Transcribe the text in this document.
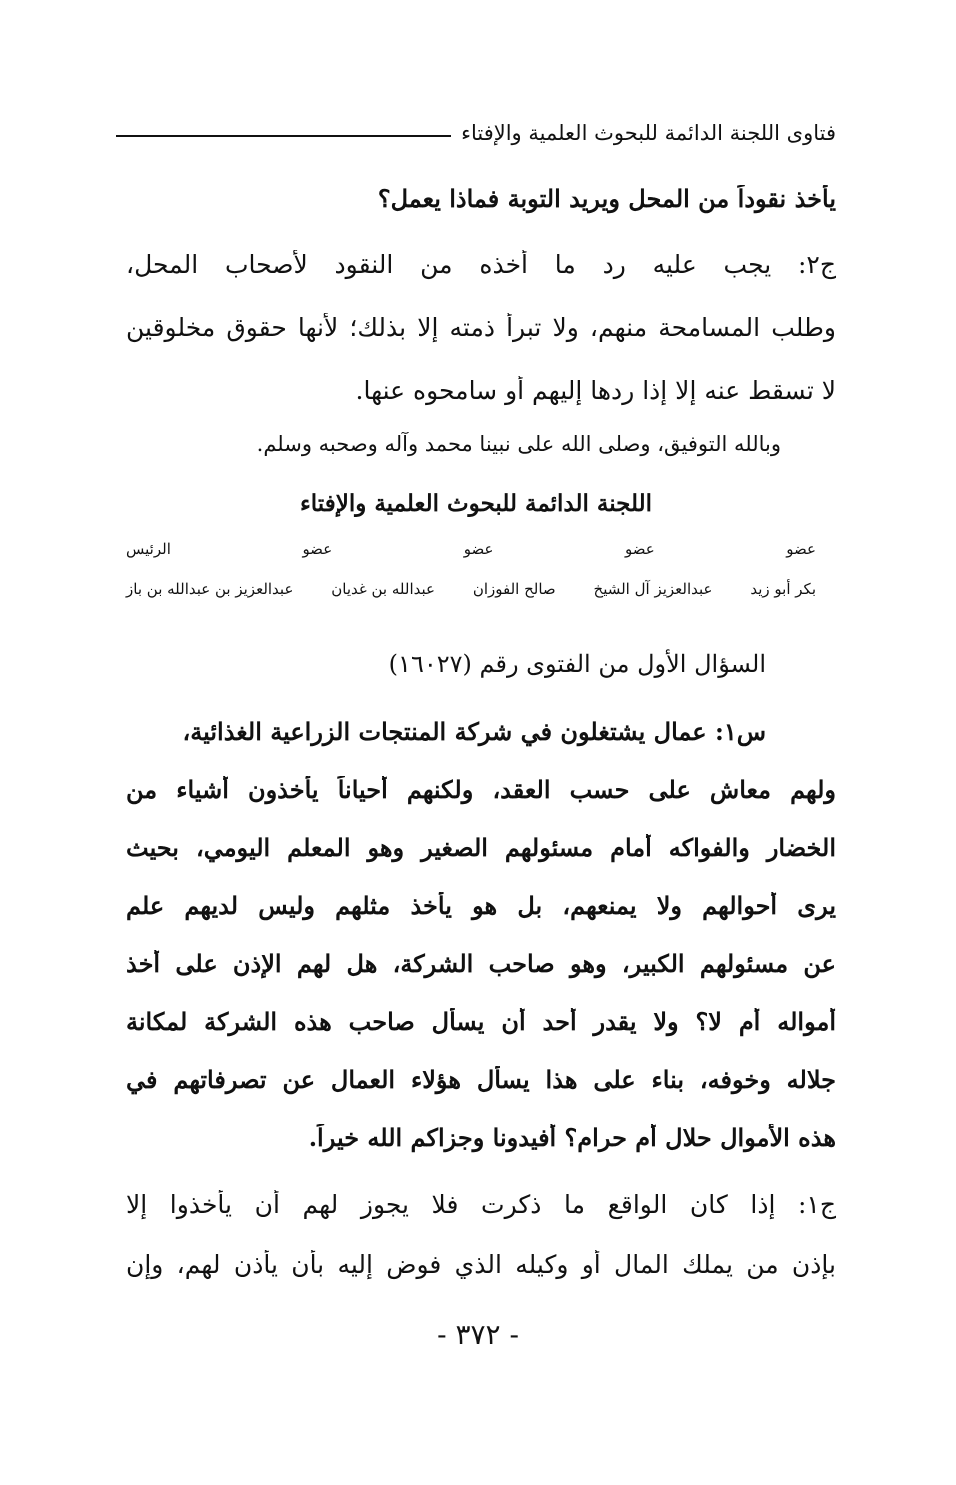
فتاوى اللجنة الدائمة للبحوث العلمية والإفتاء
يأخذ نقوداً من المحل ويريد التوبة فماذا يعمل؟
ج٢: يجب عليه رد ما أخذه من النقود لأصحاب المحل،
وطلب المسامحة منهم، ولا تبرأ ذمته إلا بذلك؛ لأنها حقوق مخلوقين
لا تسقط عنه إلا إذا ردها إليهم أو سامحوه عنها.
وبالله التوفيق، وصلى الله على نبينا محمد وآله وصحبه وسلم.
اللجنة الدائمة للبحوث العلمية والإفتاء
عضو
عضو
عضو
عضو
الرئيس
بكر أبو زيد
عبدالعزيز آل الشيخ
صالح الفوزان
عبدالله بن غديان
عبدالعزيز بن عبدالله بن باز
السؤال الأول من الفتوى رقم (١٦٠٢٧)
س١: عمال يشتغلون في شركة المنتجات الزراعية الغذائية،
ولهم معاش على حسب العقد، ولكنهم أحياناً يأخذون أشياء من
الخضار والفواكه أمام مسئولهم الصغير وهو المعلم اليومي، بحيث
يرى أحوالهم ولا يمنعهم، بل هو يأخذ مثلهم وليس لديهم علم
عن مسئولهم الكبير، وهو صاحب الشركة، هل لهم الإذن على أخذ
أمواله أم لا؟ ولا يقدر أحد أن يسأل صاحب هذه الشركة لمكانة
جلاله وخوفه، بناء على هذا يسأل هؤلاء العمال عن تصرفاتهم في
هذه الأموال حلال أم حرام؟ أفيدونا وجزاكم الله خيراً.
ج١: إذا كان الواقع ما ذكرت فلا يجوز لهم أن يأخذوا إلا
بإذن من يملك المال أو وكيله الذي فوض إليه بأن يأذن لهم، وإن
- ٣٧٢ -
